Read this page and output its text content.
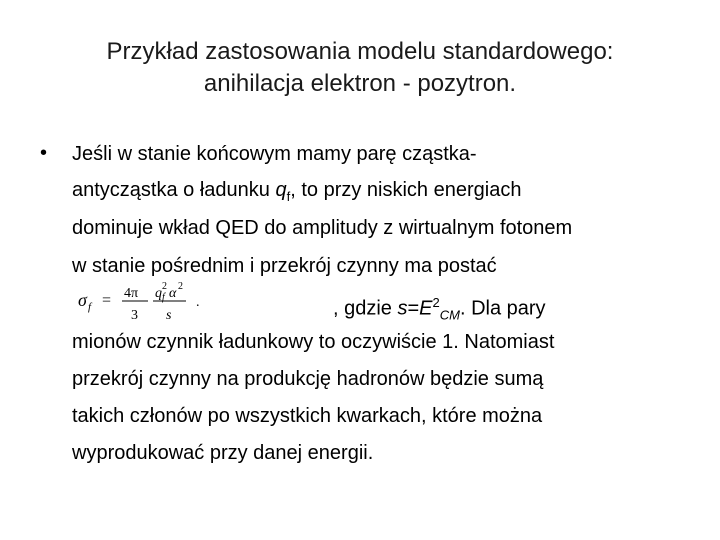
Przykład zastosowania modelu standardowego:
anihilacja elektron - pozytron.
• Jeśli w stanie końcowym mamy parę cząstka-
antycząstka o ładunku $q_f$, to przy niskich energiach
dominuje wkład QED do amplitudy z wirtualnym fotonem
w stanie pośrednim i przekrój czynny ma postać
σ f = 4π
3
q 2
f α 2
s
.	, gdzie $s=E^2_{CM}$. Dla pary
mionów czynnik ładunkowy to oczywiście 1. Natomiast
przekrój czynny na produkcję hadronów będzie sumą
takich członów po wszystkich kwarkach, które można
wyprodukować przy danej energii.
